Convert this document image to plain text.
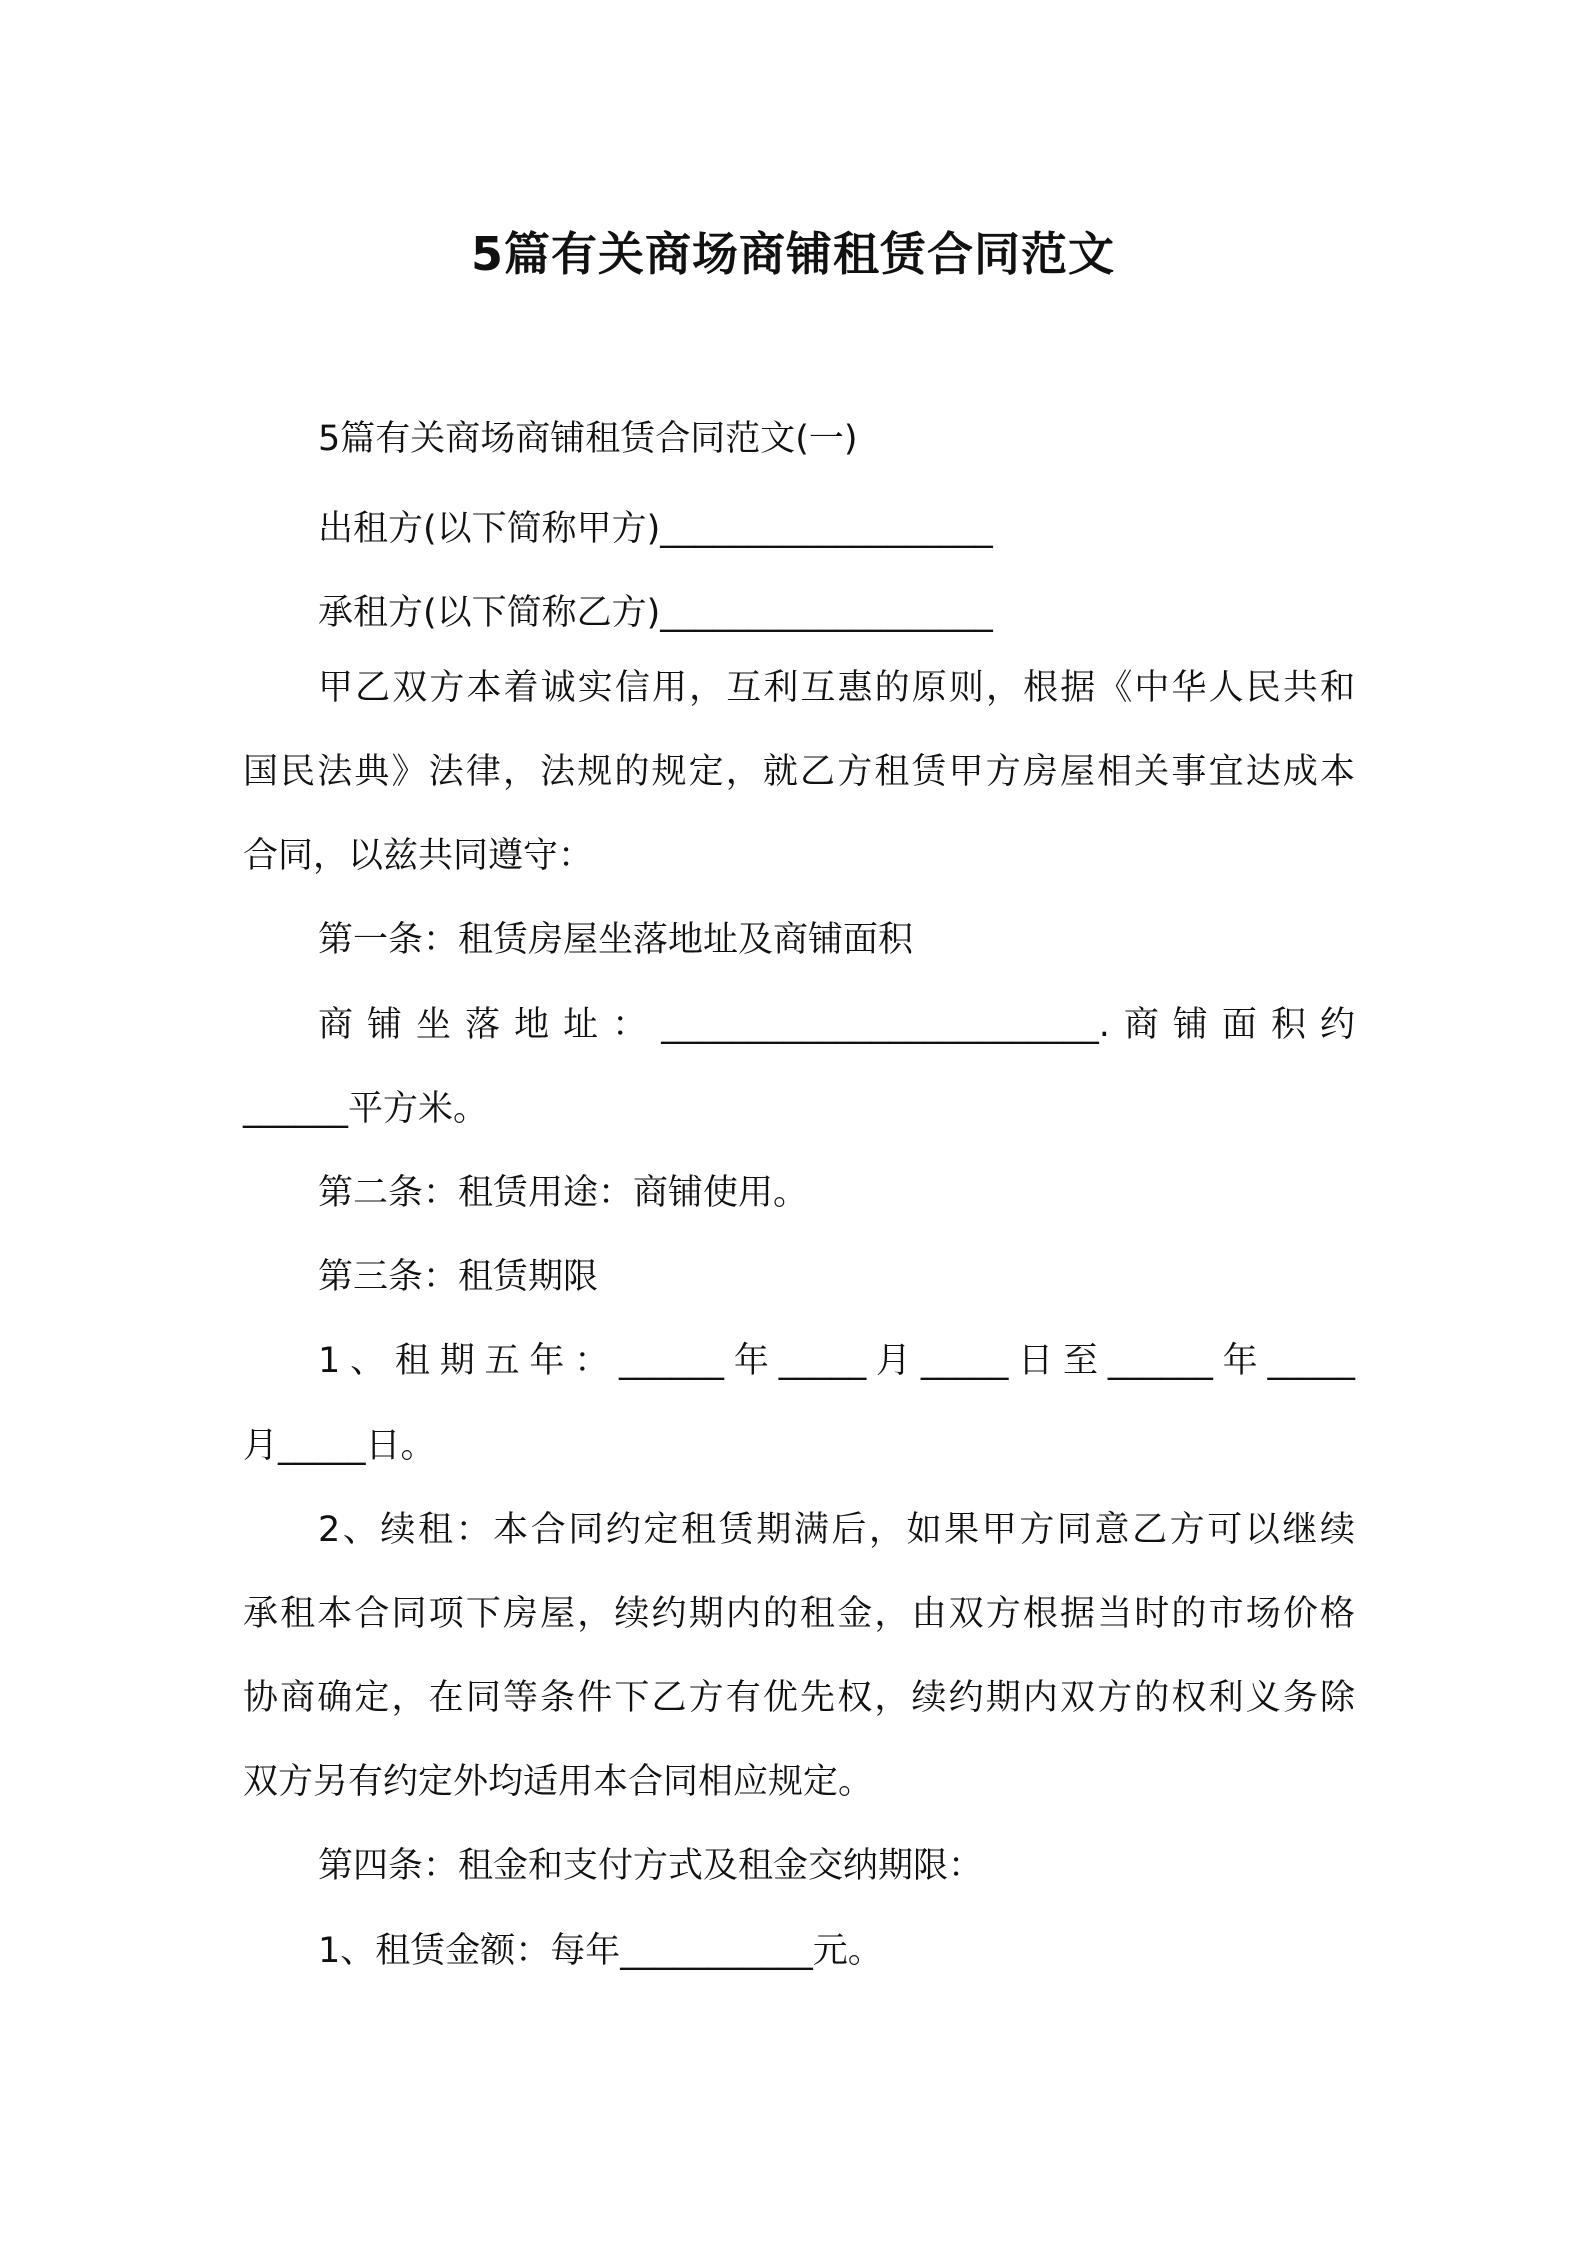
5篇有关商场商铺租赁合同范文
5篇有关商场商铺租赁合同范文(一)
出租方(以下简称甲方)___________________
承租方(以下简称乙方)___________________
甲乙双方本着诚实信用，互利互惠的原则，根据《中华人民共和
国民法典》法律，法规的规定，就乙方租赁甲方房屋相关事宜达成本
合同，以兹共同遵守：
第一条：租赁房屋坐落地址及商铺面积
商铺坐落地址：_________________________.商铺面积约
______平方米。
第二条：租赁用途：商铺使用。
第三条：租赁期限
1、租期五年：______年_____月_____日至______年_____
月_____日。
2、续租：本合同约定租赁期满后，如果甲方同意乙方可以继续
承租本合同项下房屋，续约期内的租金，由双方根据当时的市场价格
协商确定，在同等条件下乙方有优先权，续约期内双方的权利义务除
双方另有约定外均适用本合同相应规定。
第四条：租金和支付方式及租金交纳期限：
1、租赁金额：每年___________元。
